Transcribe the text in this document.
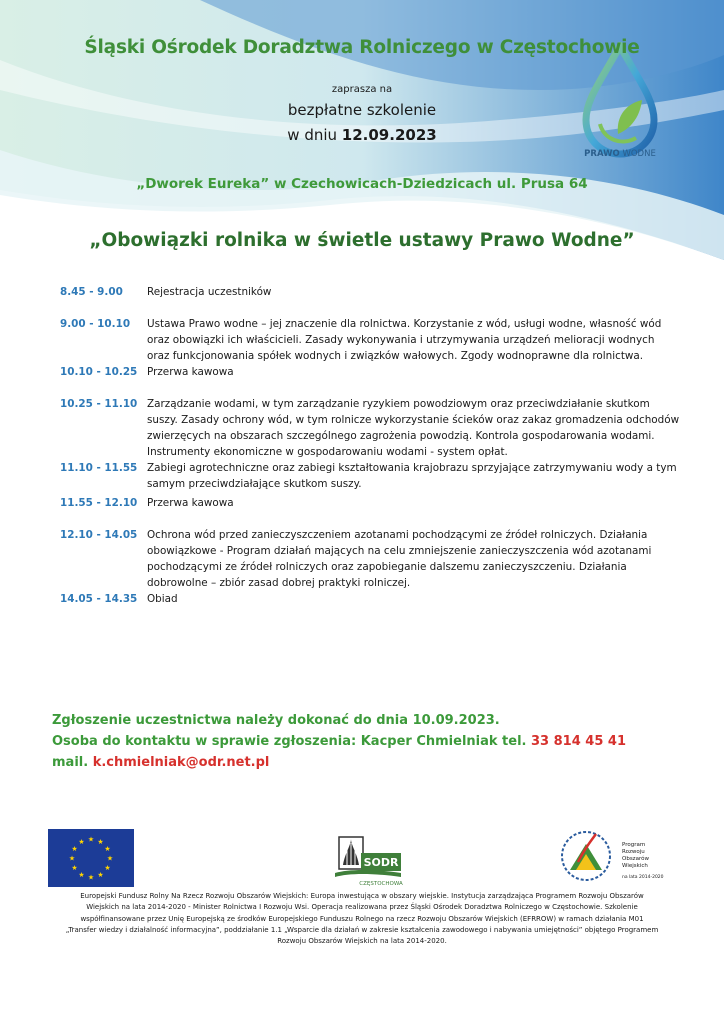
PRAWO WODNE
Śląski Ośrodek Doradztwa Rolniczego w Częstochowie
zaprasza na
bezpłatne szkolenie
w dniu 12.09.2023
„Dworek Eureka” w Czechowicach-Dziedzicach ul. Prusa 64
„Obowiązki rolnika w świetle ustawy Prawo Wodne”
8.45 - 9.00	Rejestracja uczestników
9.00 - 10.10	Ustawa Prawo wodne – jej znaczenie dla rolnictwa. Korzystanie z wód, usługi wodne, własność wód oraz obowiązki ich właścicieli. Zasady wykonywania i utrzymywania urządzeń melioracji wodnych oraz funkcjonowania spółek wodnych i związków wałowych. Zgody wodnoprawne dla rolnictwa.
10.10 - 10.25 Przerwa kawowa
10.25 - 11.10 Zarządzanie wodami, w tym zarządzanie ryzykiem powodziowym oraz przeciwdziałanie skutkom suszy. Zasady ochrony wód, w tym rolnicze wykorzystanie ścieków oraz zakaz gromadzenia odchodów zwierzęcych na obszarach szczególnego zagrożenia powodzią. Kontrola gospodarowania wodami. Instrumenty ekonomiczne w gospodarowaniu wodami - system opłat.
11.10 - 11.55 Zabiegi agrotechniczne oraz zabiegi kształtowania krajobrazu sprzyjające zatrzymywaniu wody a tym samym przeciwdziałające skutkom suszy.
11.55 - 12.10 Przerwa kawowa
12.10 - 14.05 Ochrona wód przed zanieczyszczeniem azotanami pochodzącymi ze źródeł rolniczych. Działania obowiązkowe - Program działań mających na celu zmniejszenie zanieczyszczenia wód azotanami pochodzącymi ze źródeł rolniczych oraz zapobieganie dalszemu zanieczyszczeniu. Działania dobrowolne – zbiór zasad dobrej praktyki rolniczej.
14.05 - 14.35 Obiad
Zgłoszenie uczestnictwa należy dokonać do dnia 10.09.2023.
Osoba do kontaktu w sprawie zgłoszenia: Kacper Chmielniak tel. 33 814 45 41
mail. k.chmielniak@odr.net.pl
★
★
★
★
★
★
★
★
★ ★ ★
★
SODR
CZĘSTOCHOWA
Program
Rozwoju
Obszarów
Wiejskich
na lata 2014-2020
Europejski Fundusz Rolny Na Rzecz Rozwoju Obszarów Wiejskich: Europa inwestująca w obszary wiejskie. Instytucja zarządzająca Programem Rozwoju Obszarów
Wiejskich na lata 2014-2020 - Minister Rolnictwa I Rozwoju Wsi. Operacja realizowana przez Śląski Ośrodek Doradztwa Rolniczego w Częstochowie. Szkolenie
współfinansowane przez Unię Europejską ze środków Europejskiego Funduszu Rolnego na rzecz Rozwoju Obszarów Wiejskich (EFRROW) w ramach działania M01
„Transfer wiedzy i działalność informacyjna”, poddziałanie 1.1 „Wsparcie dla działań w zakresie kształcenia zawodowego i nabywania umiejętności” objętego Programem
Rozwoju Obszarów Wiejskich na lata 2014-2020.
